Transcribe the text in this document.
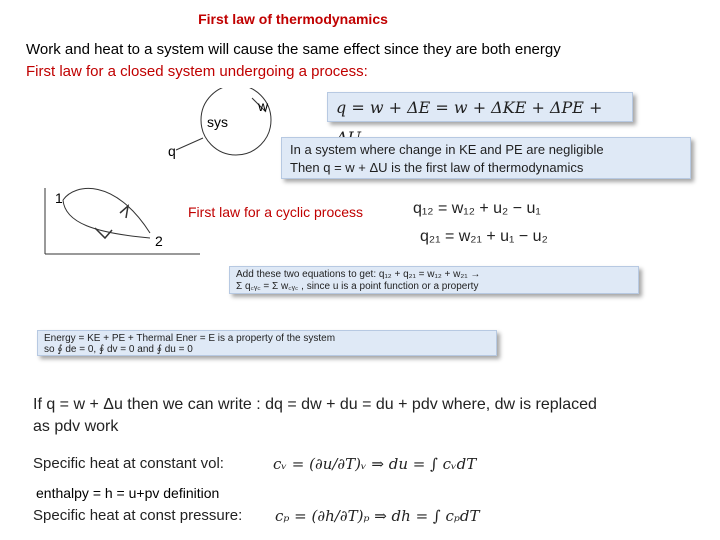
First law of thermodynamics
Work and heat to a system will cause the same effect since they are both energy
First law for a closed system undergoing a process:
sys
w
q
1
2
First law for a cyclic process
q = w + ΔE = w + ΔKE + ΔPE +
In a system where change in KE and PE are negligible
Then q = w + ΔU is the first law of thermodynamics
q₁₂ = w₁₂ + u₂ − u₁
q₂₁ = w₂₁ + u₁ − u₂
Add these two equations to get: q₁₂ + q₂₁ = w₁₂ + w₂₁ →
Σ q꜀ᵧ꜀ = Σ w꜀ᵧ꜀ , since u is a point function or a property
Energy = KE + PE + Thermal Ener = E is a property of the system
so ∮ de = 0, ∮ dv = 0 and ∮ du = 0
If q = w + Δu then we can write : dq = dw + du = du + pdv where, dw is replaced
as pdv work
Specific heat at constant vol:	cᵥ = (∂u/∂T)ᵥ ⇒ du = ∫ cᵥdT
enthalpy = h = u+pv definition
Specific heat at const pressure: cₚ = (∂h/∂T)ₚ ⇒ dh = ∫ cₚdT
